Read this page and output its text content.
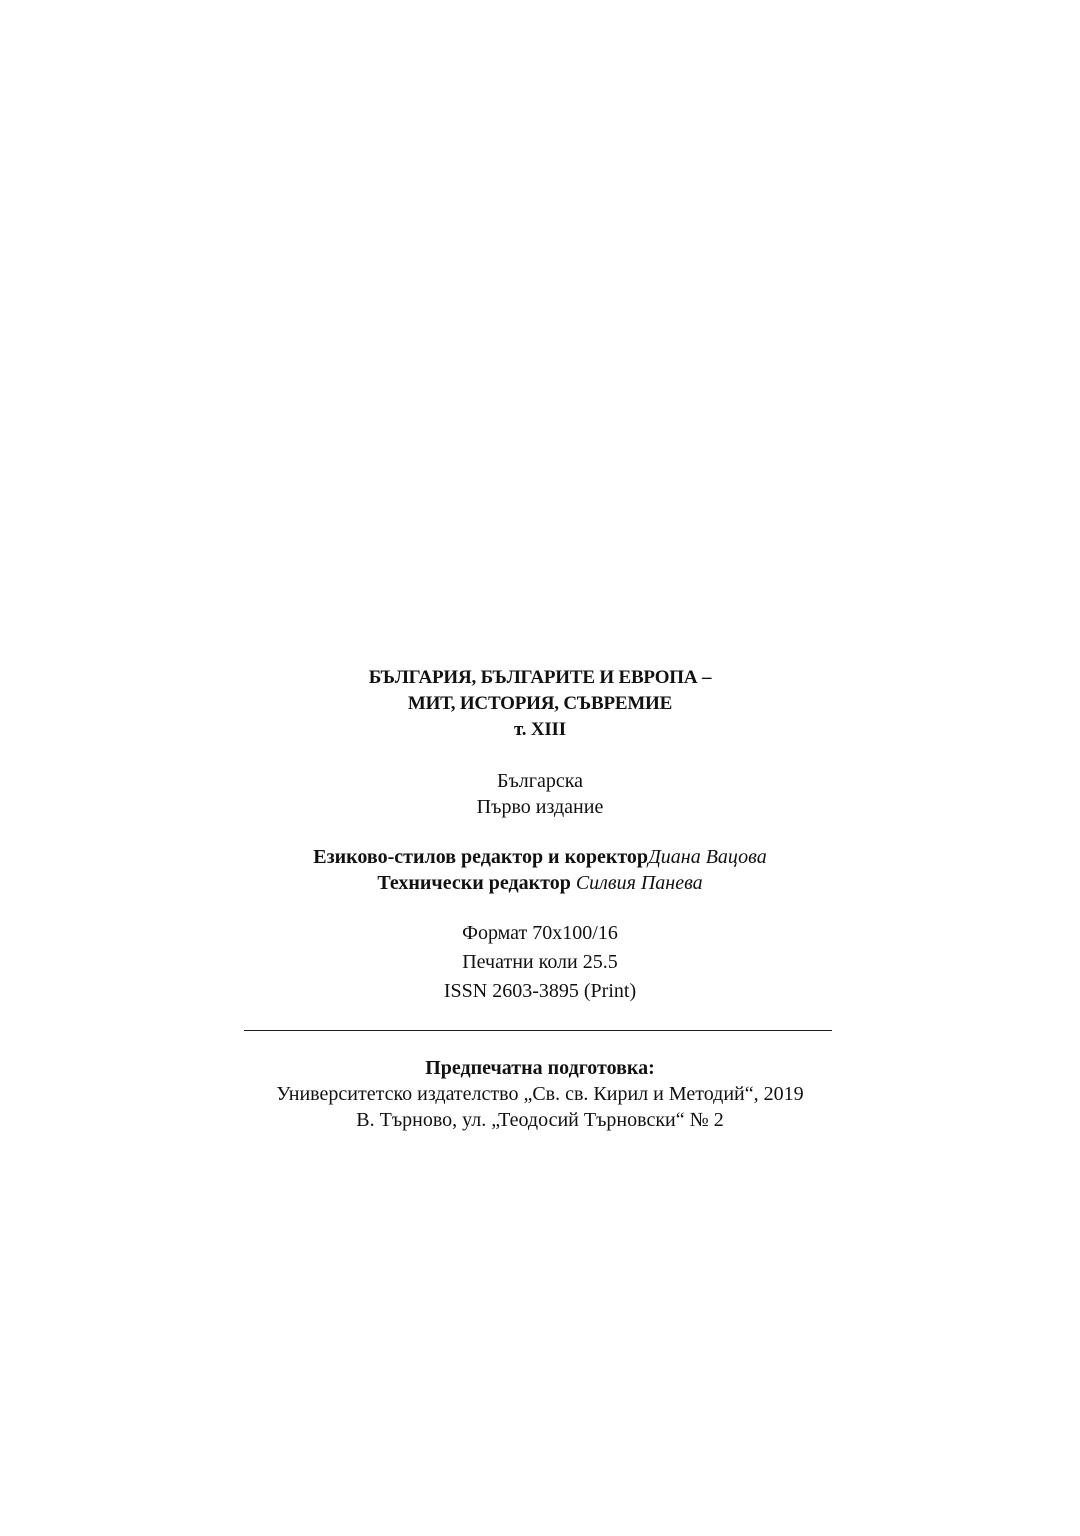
БЪЛГАРИЯ, БЪЛГАРИТЕ И ЕВРОПА –
МИТ, ИСТОРИЯ, СЪВРЕМИЕ
т. XIII
Българска
Първо издание
Езиково-стилов редактор и коректорДиана Вацова
Технически редактор Силвия Панева
Формат 70x100/16
Печатни коли 25.5
ISSN 2603-3895 (Print)
Предпечатна подготовка:
Университетско издателство „Св. св. Кирил и Методий“, 2019
В. Търново, ул. „Теодосий Търновски“ № 2
